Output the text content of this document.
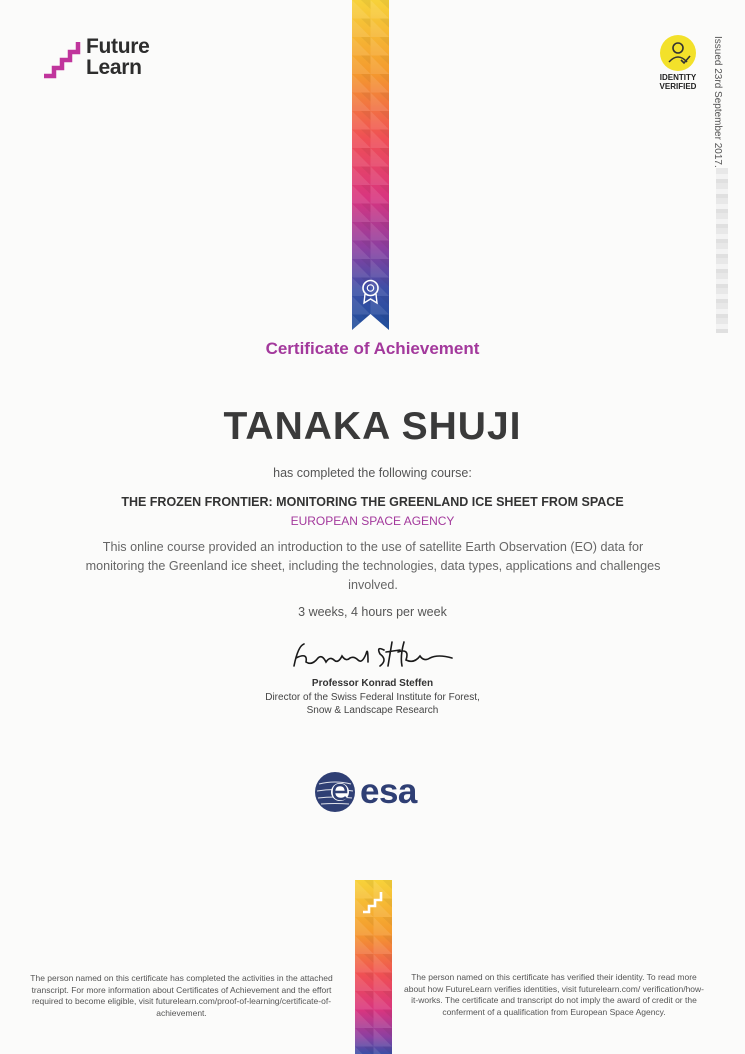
Future
Learn	IDENTITY
VERIFIED	Issued 23rd September 2017.
Certificate of Achievement
TANAKA SHUJI
has completed the following course:
THE FROZEN FRONTIER: MONITORING THE GREENLAND ICE SHEET FROM SPACE
EUROPEAN SPACE AGENCY
This online course provided an introduction to the use of satellite Earth Observation (EO) data for monitoring the Greenland ice sheet, including the technologies, data types, applications and challenges involved.
3 weeks, 4 hours per week
Professor Konrad Steffen
Director of the Swiss Federal Institute for Forest, Snow & Landscape Research
esa
The person named on this certificate has completed the activities in the attached transcript. For more information about Certificates of Achievement and the effort required to become eligible, visit futurelearn.com/proof-of-learning/certificate-of-achievement.
The person named on this certificate has verified their identity. To read more about how FutureLearn verifies identities, visit futurelearn.com/ verification/how-it-works. The certificate and transcript do not imply the award of credit or the conferment of a qualification from European Space Agency.
